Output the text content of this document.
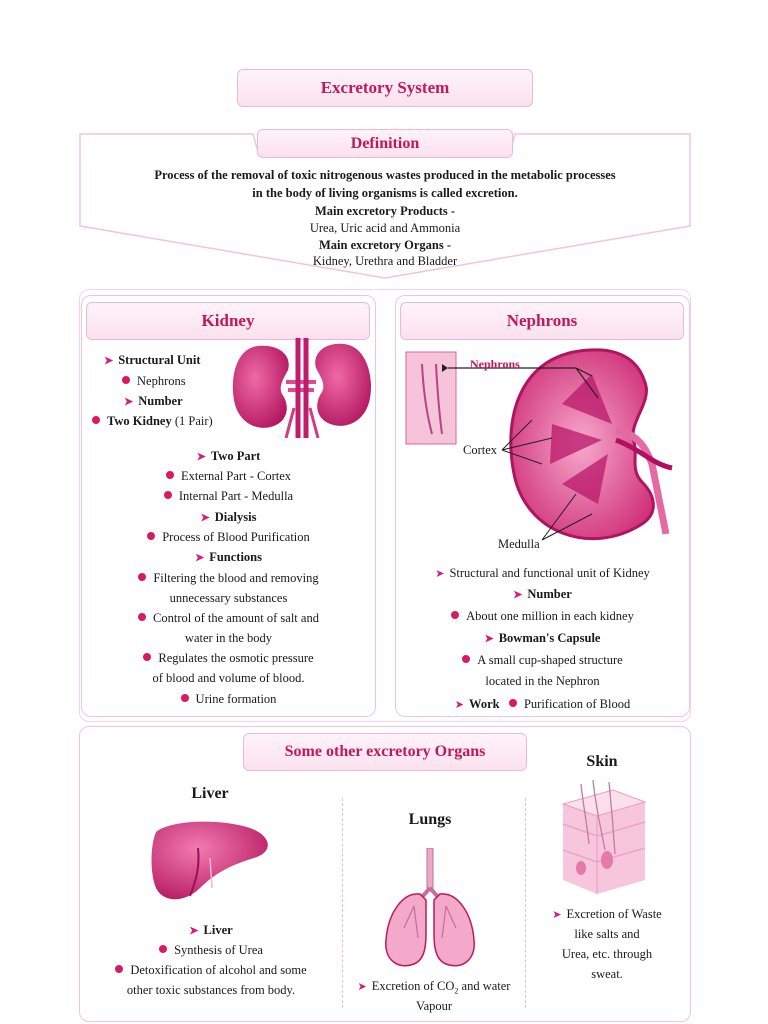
Excretory System
Definition
Process of the removal of toxic nitrogenous wastes produced in the metabolic processes
in the body of living organisms is called excretion.
Main excretory Products -
Urea, Uric acid and Ammonia
Main excretory Organs -
Kidney, Urethra and Bladder
Kidney
➤ Structural Unit
Nephrons
➤ Number
Two Kidney (1 Pair)
➤ Two Part
External Part - Cortex
Internal Part - Medulla
➤ Dialysis
Process of Blood Purification
➤ Functions
Filtering the blood and removing
unnecessary substances
Control of the amount of salt and
water in the body
Regulates the osmotic pressure
of blood and volume of blood.
Urine formation
Nephrons
Nephrons
Cortex
Medulla
➤ Structural and functional unit of Kidney
➤ Number
About one million in each kidney
➤ Bowman's Capsule
A small cup-shaped structure
located in the Nephron
➤ Work Purification of Blood
Some other excretory Organs
Liver
➤ Liver
Synthesis of Urea
Detoxification of alcohol and some
other toxic substances from body.
Lungs
➤ Excretion of $CO_2$ and water
Vapour
Skin
➤ Excretion of Waste
like salts and
Urea, etc. through
sweat.
